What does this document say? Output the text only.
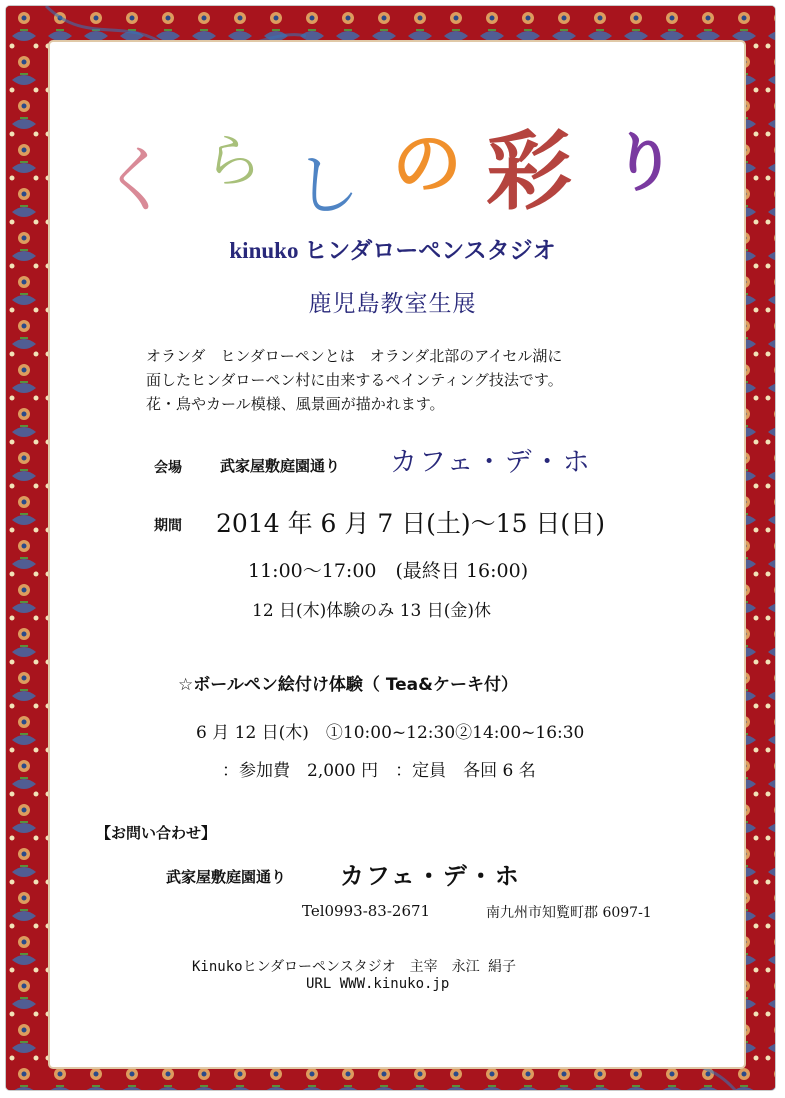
く ら し の 彩 り
kinuko ヒンダローペンスタジオ
鹿児島教室生展
オランダ　ヒンダローペンとは　オランダ北部のアイセル湖に
面したヒンダローペン村に由来するペインティング技法です。
花・鳥やカール模様、風景画が描かれます。
会場	武家屋敷庭園通り カフェ・デ・ホ
期間 2014 年 6 月 7 日(土)〜15 日(日)
11:00〜17:00　(最終日 16:00)
12 日(木)体験のみ 13 日(金)休
☆ボールペン絵付け体験（ Tea&ケーキ付）
6 月 12 日(木)　①10:00~12:30②14:00~16:30
：参加費　2,000 円　：定員　各回 6 名
【お問い合わせ】
武家屋敷庭園通り カフェ・デ・ホ
Tel0993-83-2671	南九州市知覧町郡 6097-1
Kinukoヒンダローペンスタジオ　主宰　永江 絹子
URL WWW.kinuko.jp
